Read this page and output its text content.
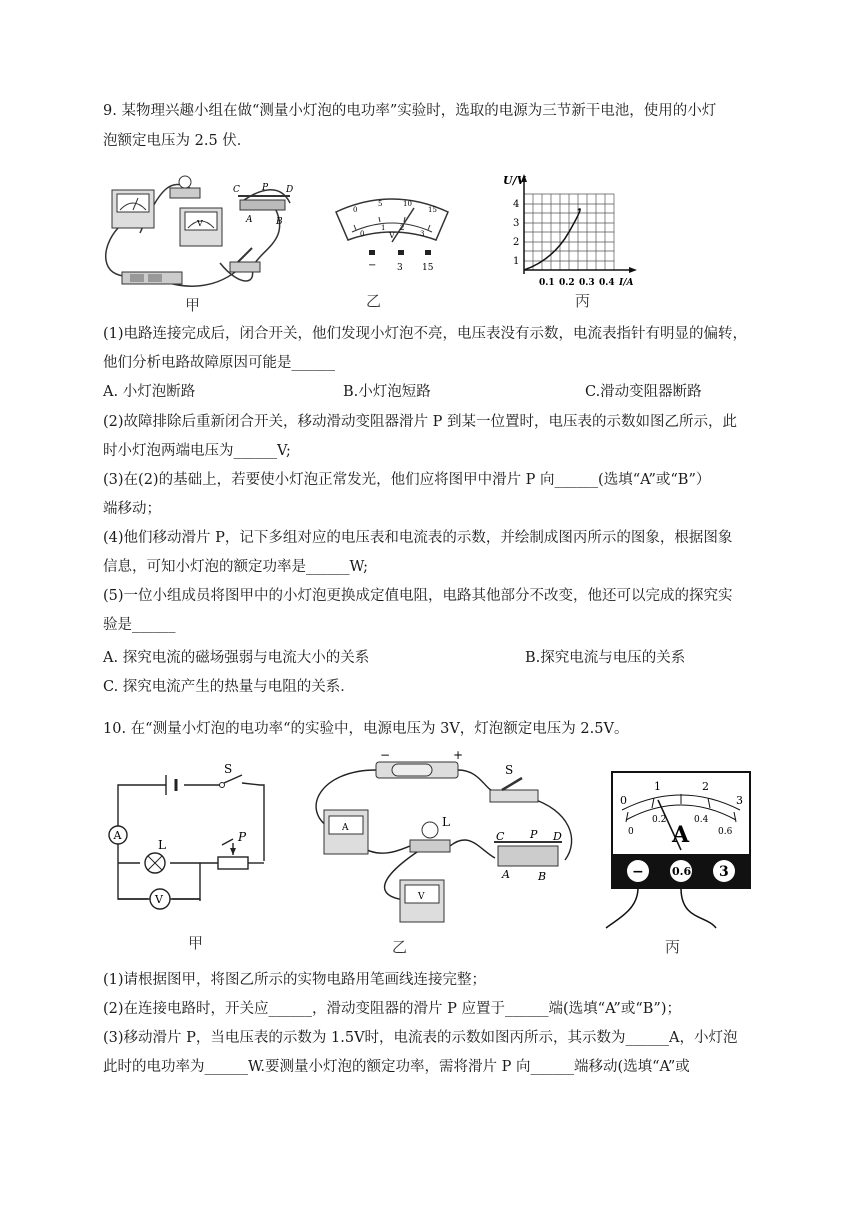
9. 某物理兴趣小组在做“测量小灯泡的电功率”实验时，选取的电源为三节新干电池，使用的小灯
泡额定电压为 2.5 伏．
V
C P D
A	B
甲
0
5	10
15
0
1 2
3
V
− 3 15
乙
U/V
4
3
2
1
0.1 0.2 0.3 0.4 I/A
丙
(1)电路连接完成后，闭合开关，他们发现小灯泡不亮，电压表没有示数，电流表指针有明显的偏转，
他们分析电路故障原因可能是______
A. 小灯泡断路	B.小灯泡短路	C.滑动变阻器断路
(2)故障排除后重新闭合开关，移动滑动变阻器滑片 P 到某一位置时，电压表的示数如图乙所示，此
时小灯泡两端电压为______V;
(3)在(2)的基础上，若要使小灯泡正常发光，他们应将图甲中滑片 P 向______(选填“A”或“B”）
端移动；
(4)他们移动滑片 P，记下多组对应的电压表和电流表的示数，并绘制成图丙所示的图象，根据图象
信息，可知小灯泡的额定功率是______W;
(5)一位小组成员将图甲中的小灯泡更换成定值电阻，电路其他部分不改变，他还可以完成的探究实
验是______
A. 探究电流的磁场强弱与电流大小的关系	B.探究电流与电压的关系
C. 探究电流产生的热量与电阻的关系．
10. 在“测量小灯泡的电功率“的实验中，电源电压为 3V，灯泡额定电压为 2.5V。
A
V
S
P
L
甲
−	+
S
A	L
C P D
A	B
V
乙
0
1	2
3
0
0.2	0.4
0.6
A
−	0.6 3
丙
(1)请根据图甲，将图乙所示的实物电路用笔画线连接完整；
(2)在连接电路时，开关应______，滑动变阻器的滑片 P 应置于______端(选填“A”或“B”)；
(3)移动滑片 P，当电压表的示数为 1.5V时，电流表的示数如图丙所示，其示数为______A，小灯泡
此时的电功率为______W.要测量小灯泡的额定功率，需将滑片 P 向______端移动(选填“A”或
